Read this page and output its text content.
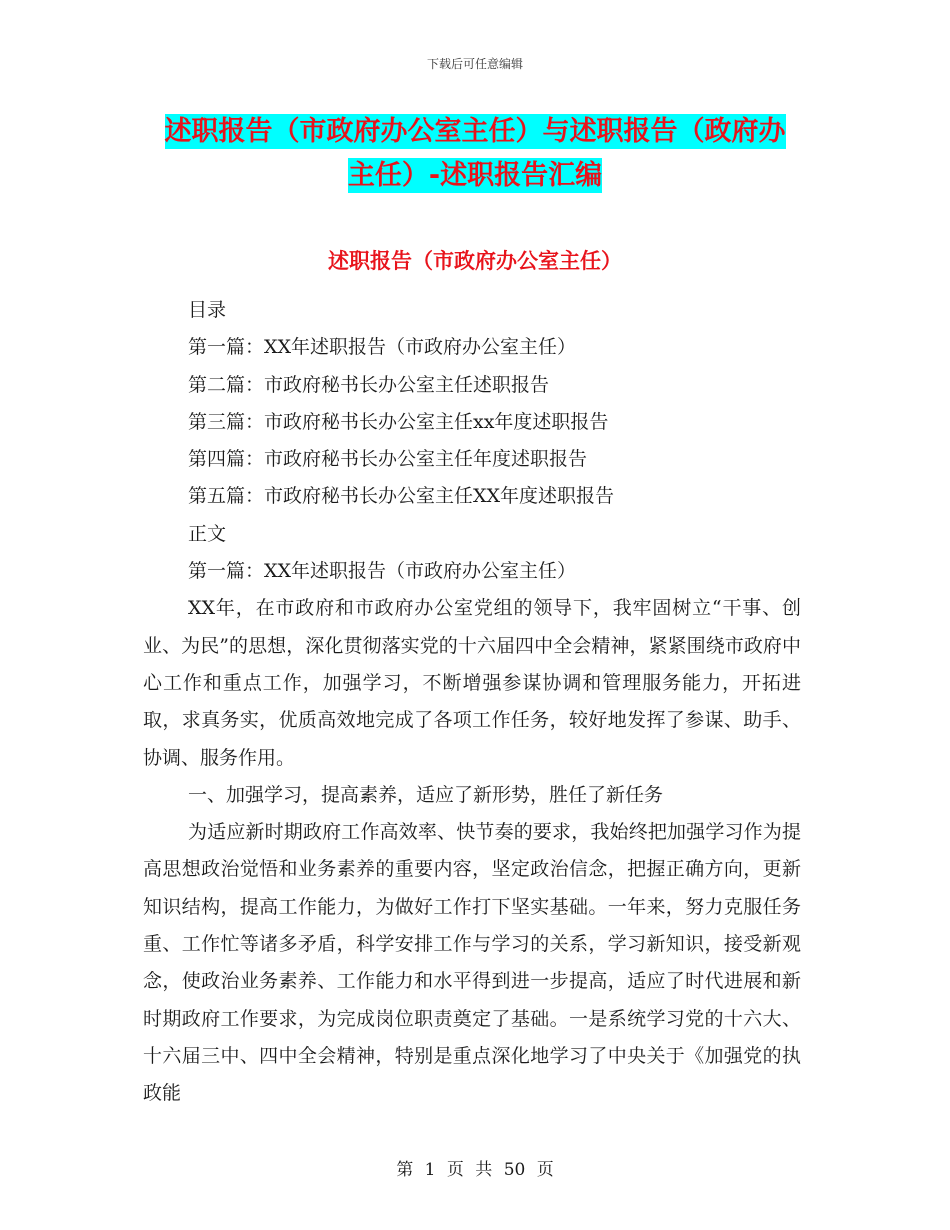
下载后可任意编辑
述职报告（市政府办公室主任）与述职报告（政府办
主任）-述职报告汇编
述职报告（市政府办公室主任）

目录

第一篇：XX年述职报告（市政府办公室主任）

第二篇：市政府秘书长办公室主任述职报告

第三篇：市政府秘书长办公室主任xx年度述职报告

第四篇：市政府秘书长办公室主任年度述职报告

第五篇：市政府秘书长办公室主任XX年度述职报告

正文

第一篇：XX年述职报告（市政府办公室主任）

XX年，在市政府和市政府办公室党组的领导下，我牢固树立“干事、创业、为民”的思想，深化贯彻落实党的十六届四中全会精神，紧紧围绕市政府中心工作和重点工作，加强学习，不断增强参谋协调和管理服务能力，开拓进取，求真务实，优质高效地完成了各项工作任务，较好地发挥了参谋、助手、协调、服务作用。

一、加强学习，提高素养，适应了新形势，胜任了新任务

为适应新时期政府工作高效率、快节奏的要求，我始终把加强学习作为提高思想政治觉悟和业务素养的重要内容，坚定政治信念，把握正确方向，更新知识结构，提高工作能力，为做好工作打下坚实基础。一年来，努力克服任务重、工作忙等诸多矛盾，科学安排工作与学习的关系，学习新知识，接受新观念，使政治业务素养、工作能力和水平得到进一步提高，适应了时代进展和新时期政府工作要求，为完成岗位职责奠定了基础。一是系统学习党的十六大、十六届三中、四中全会精神，特别是重点深化地学习了中央关于《加强党的执政能

第 1 页 共 50 页
